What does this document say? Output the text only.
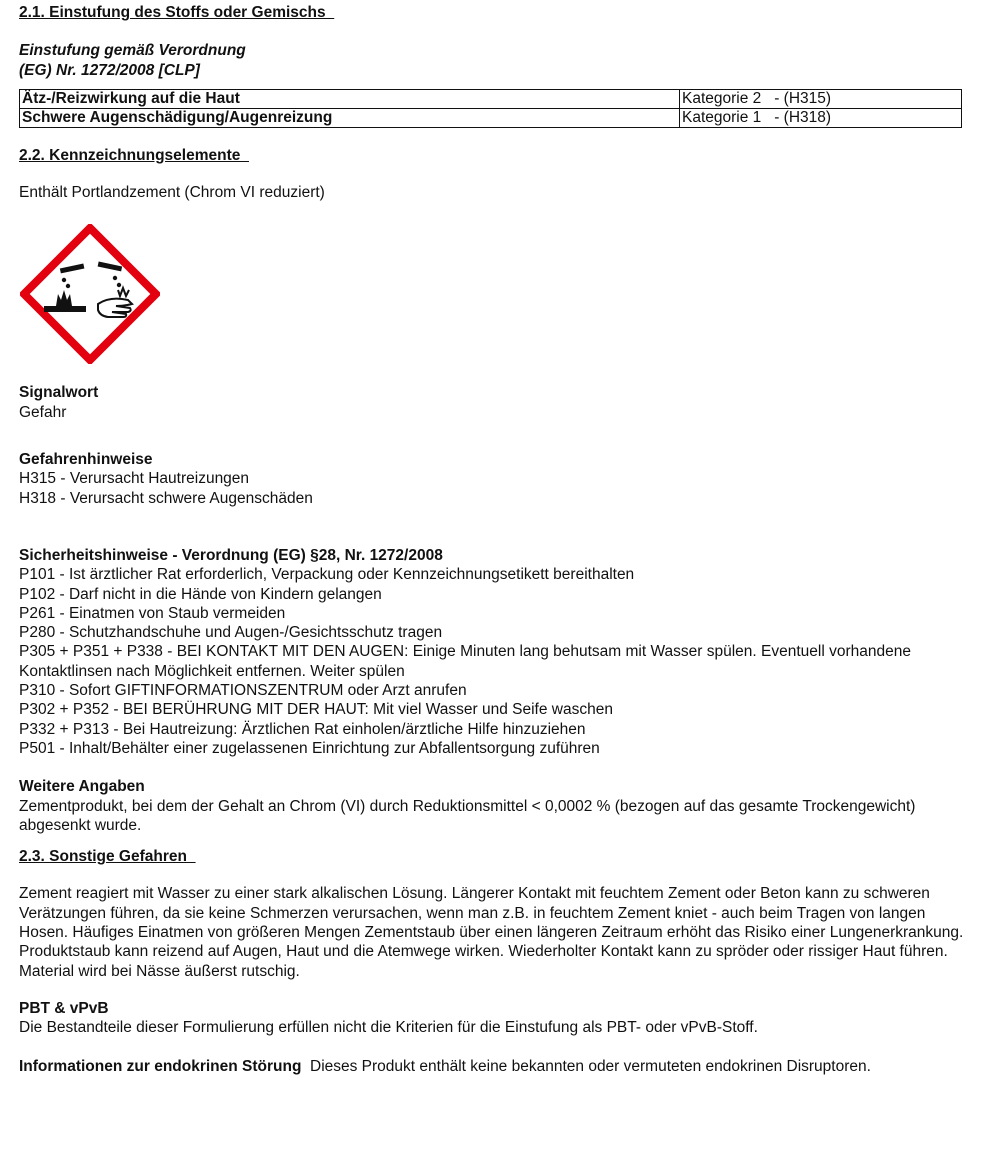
2.1. Einstufung des Stoffs oder Gemischs

Einstufung gemäß Verordnung

(EG) Nr. 1272/2008 [CLP]

Ätz-/Reizwirkung auf die Haut	Kategorie 2   - (H315)
Schwere Augenschädigung/Augenreizung	Kategorie 1   - (H318)

2.2. Kennzeichnungselemente

Enthält Portlandzement (Chrom VI reduziert)

Signalwort

Gefahr

Gefahrenhinweise

H315 - Verursacht Hautreizungen

H318 - Verursacht schwere Augenschäden

Sicherheitshinweise - Verordnung (EG) §28, Nr. 1272/2008

P101 - Ist ärztlicher Rat erforderlich, Verpackung oder Kennzeichnungsetikett bereithalten

P102 - Darf nicht in die Hände von Kindern gelangen

P261 - Einatmen von Staub vermeiden

P280 - Schutzhandschuhe und Augen-/Gesichtsschutz tragen

P305 + P351 + P338 - BEI KONTAKT MIT DEN AUGEN: Einige Minuten lang behutsam mit Wasser spülen. Eventuell vorhandene Kontaktlinsen nach Möglichkeit entfernen. Weiter spülen

P310 - Sofort GIFTINFORMATIONSZENTRUM oder Arzt anrufen

P302 + P352 - BEI BERÜHRUNG MIT DER HAUT: Mit viel Wasser und Seife waschen

P332 + P313 - Bei Hautreizung: Ärztlichen Rat einholen/ärztliche Hilfe hinzuziehen

P501 - Inhalt/Behälter einer zugelassenen Einrichtung zur Abfallentsorgung zuführen

Weitere Angaben

Zementprodukt, bei dem der Gehalt an Chrom (VI) durch Reduktionsmittel < 0,0002 % (bezogen auf das gesamte Trockengewicht) abgesenkt wurde.

2.3. Sonstige Gefahren

Zement reagiert mit Wasser zu einer stark alkalischen Lösung. Längerer Kontakt mit feuchtem Zement oder Beton kann zu schweren Verätzungen führen, da sie keine Schmerzen verursachen, wenn man z.B. in feuchtem Zement kniet - auch beim Tragen von langen   Hosen. Häufiges Einatmen von größeren Mengen Zementstaub über einen längeren Zeitraum erhöht das Risiko einer Lungenerkrankung. Produktstaub kann reizend auf Augen, Haut und die Atemwege wirken. Wiederholter Kontakt kann zu spröder oder rissiger Haut führen. Material wird bei Nässe äußerst rutschig.

PBT & vPvB

Die Bestandteile dieser Formulierung erfüllen nicht die Kriterien für die Einstufung als PBT- oder vPvB-Stoff.

Informationen zur endokrinen Störung Dieses Produkt enthält keine bekannten oder vermuteten endokrinen Disruptoren.
